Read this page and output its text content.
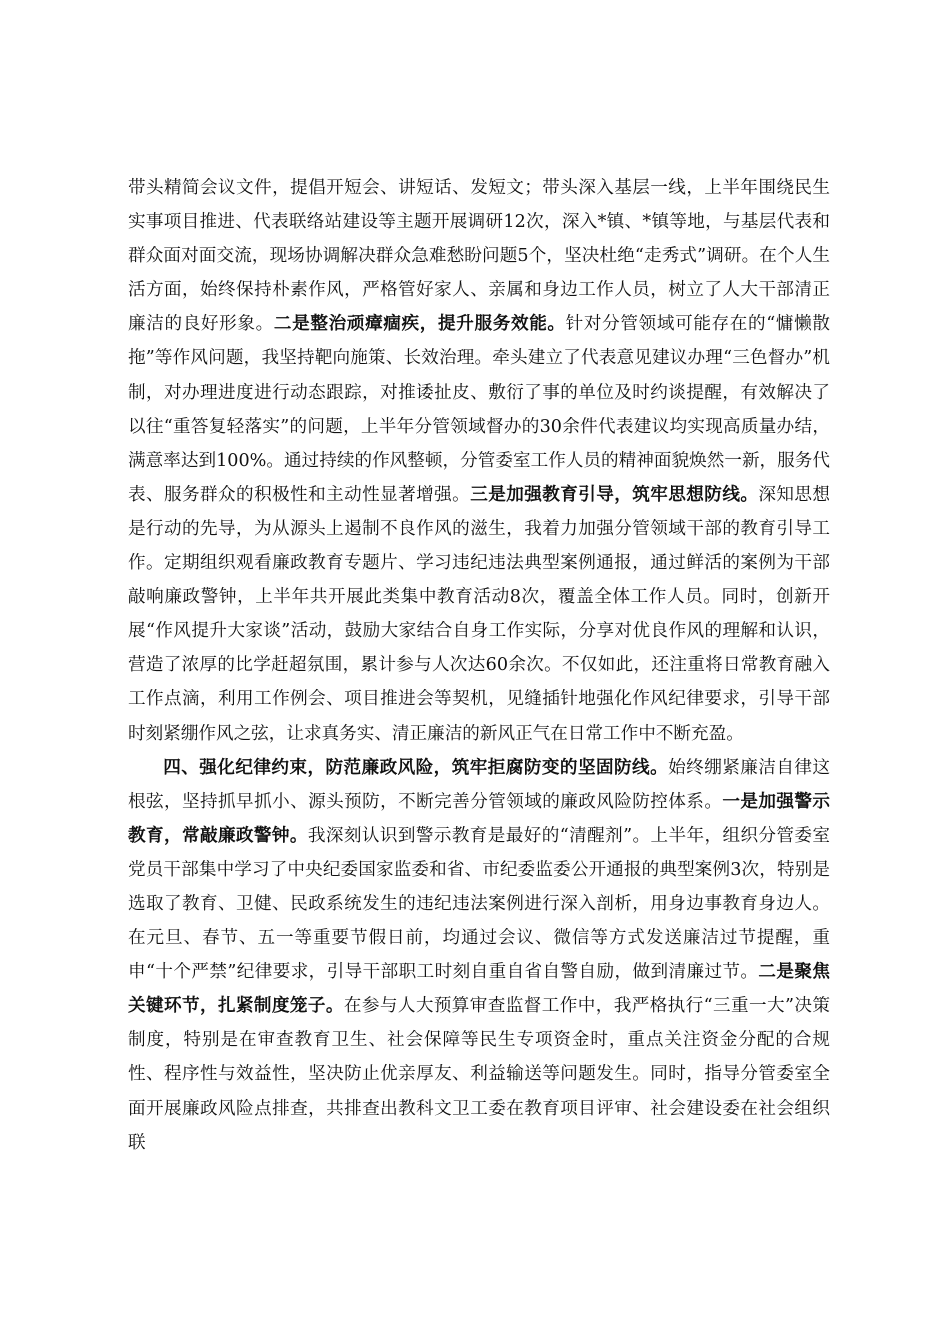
带头精简会议文件，提倡开短会、讲短话、发短文；带头深入基层一线，上半年围绕民生实事项目推进、代表联络站建设等主题开展调研12次，深入*镇、*镇等地，与基层代表和群众面对面交流，现场协调解决群众急难愁盼问题5个，坚决杜绝“走秀式”调研。在个人生活方面，始终保持朴素作风，严格管好家人、亲属和身边工作人员，树立了人大干部清正廉洁的良好形象。二是整治顽瘴痼疾，提升服务效能。针对分管领域可能存在的“慵懒散拖”等作风问题，我坚持靶向施策、长效治理。牵头建立了代表意见建议办理“三色督办”机制，对办理进度进行动态跟踪，对推诿扯皮、敷衍了事的单位及时约谈提醒，有效解决了以往“重答复轻落实”的问题，上半年分管领域督办的30余件代表建议均实现高质量办结，满意率达到100%。通过持续的作风整顿，分管委室工作人员的精神面貌焕然一新，服务代表、服务群众的积极性和主动性显著增强。三是加强教育引导，筑牢思想防线。深知思想是行动的先导，为从源头上遏制不良作风的滋生，我着力加强分管领域干部的教育引导工作。定期组织观看廉政教育专题片、学习违纪违法典型案例通报，通过鲜活的案例为干部敲响廉政警钟，上半年共开展此类集中教育活动8次，覆盖全体工作人员。同时，创新开展“作风提升大家谈”活动，鼓励大家结合自身工作实际，分享对优良作风的理解和认识，营造了浓厚的比学赶超氛围，累计参与人次达60余次。不仅如此，还注重将日常教育融入工作点滴，利用工作例会、项目推进会等契机，见缝插针地强化作风纪律要求，引导干部时刻紧绷作风之弦，让求真务实、清正廉洁的新风正气在日常工作中不断充盈。

四、强化纪律约束，防范廉政风险，筑牢拒腐防变的坚固防线。始终绷紧廉洁自律这根弦，坚持抓早抓小、源头预防，不断完善分管领域的廉政风险防控体系。一是加强警示教育，常敲廉政警钟。我深刻认识到警示教育是最好的“清醒剂”。上半年，组织分管委室党员干部集中学习了中央纪委国家监委和省、市纪委监委公开通报的典型案例3次，特别是选取了教育、卫健、民政系统发生的违纪违法案例进行深入剖析，用身边事教育身边人。在元旦、春节、五一等重要节假日前，均通过会议、微信等方式发送廉洁过节提醒，重申“十个严禁”纪律要求，引导干部职工时刻自重自省自警自励，做到清廉过节。二是聚焦关键环节，扎紧制度笼子。在参与人大预算审查监督工作中，我严格执行“三重一大”决策制度，特别是在审查教育卫生、社会保障等民生专项资金时，重点关注资金分配的合规性、程序性与效益性，坚决防止优亲厚友、利益输送等问题发生。同时，指导分管委室全面开展廉政风险点排查，共排查出教科文卫工委在教育项目评审、社会建设委在社会组织联
